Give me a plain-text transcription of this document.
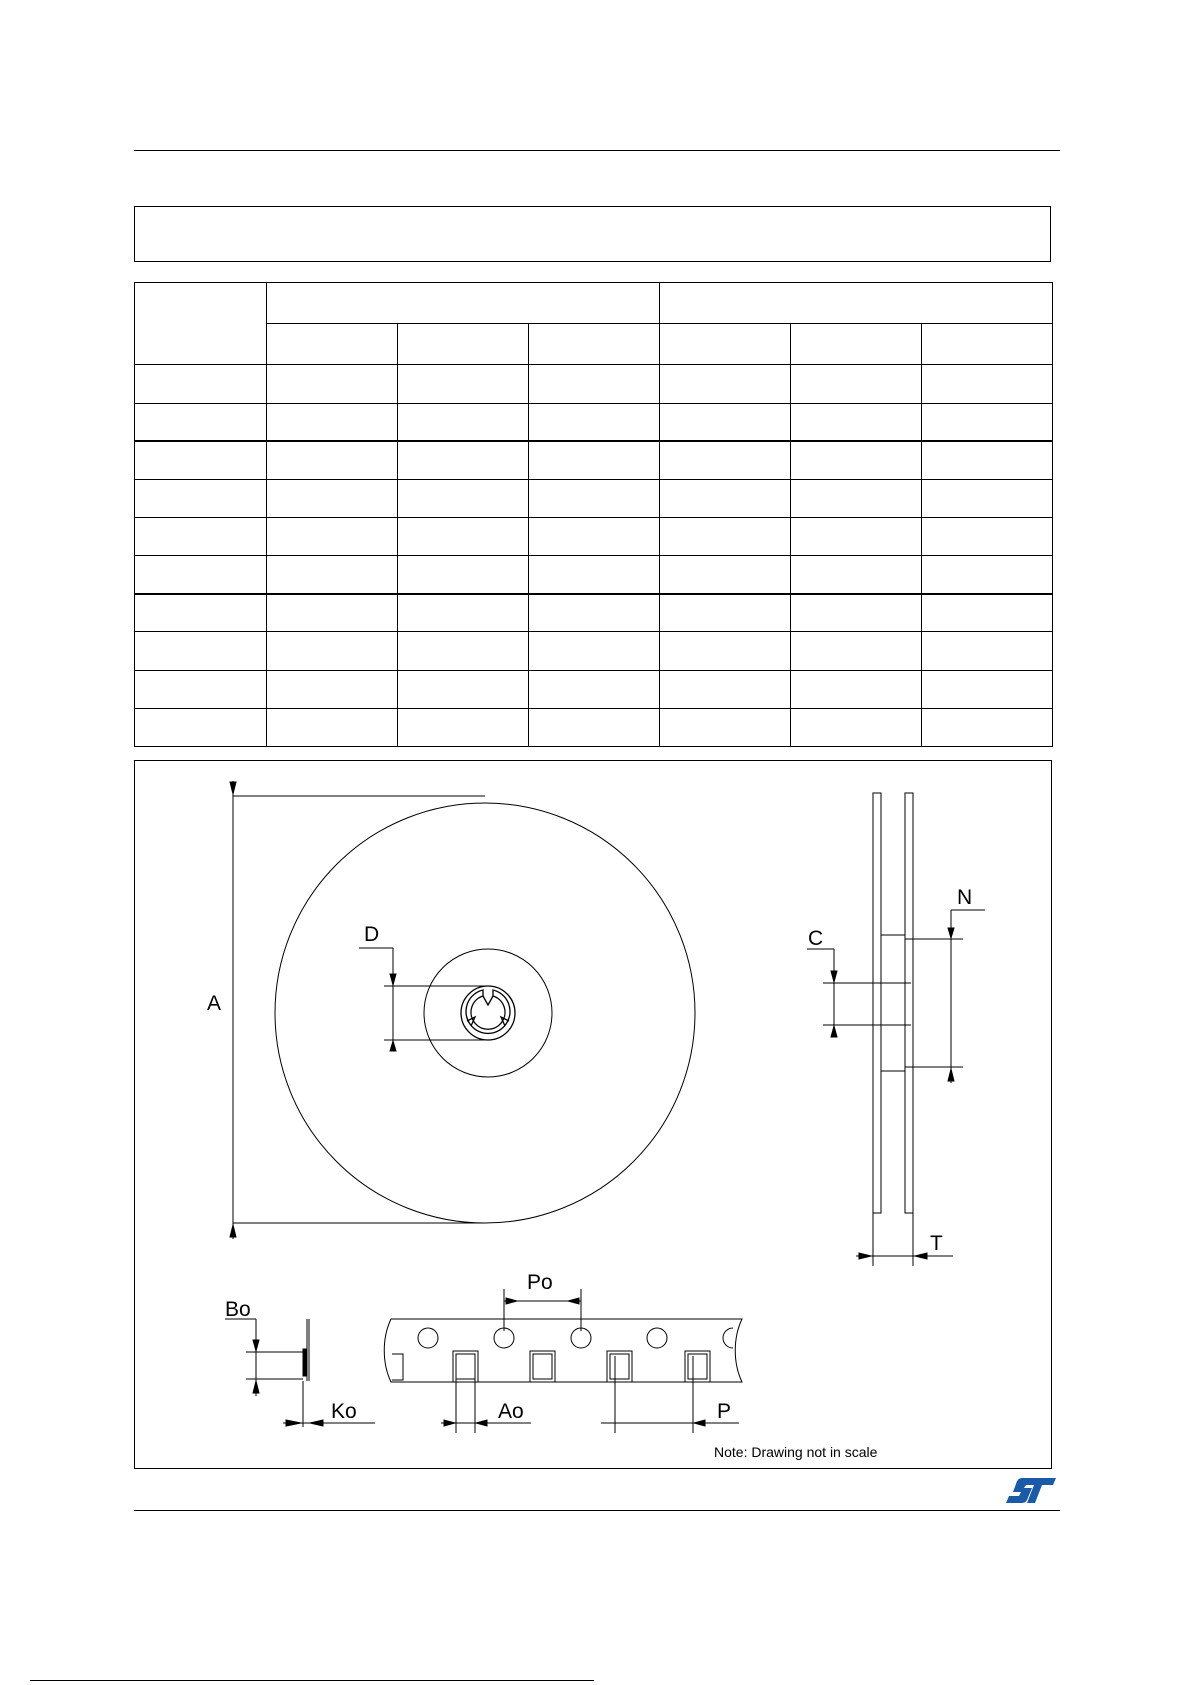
A
D	C
N
T
Bo
Po
Ko	Ao	P
Note: Drawing not in scale
